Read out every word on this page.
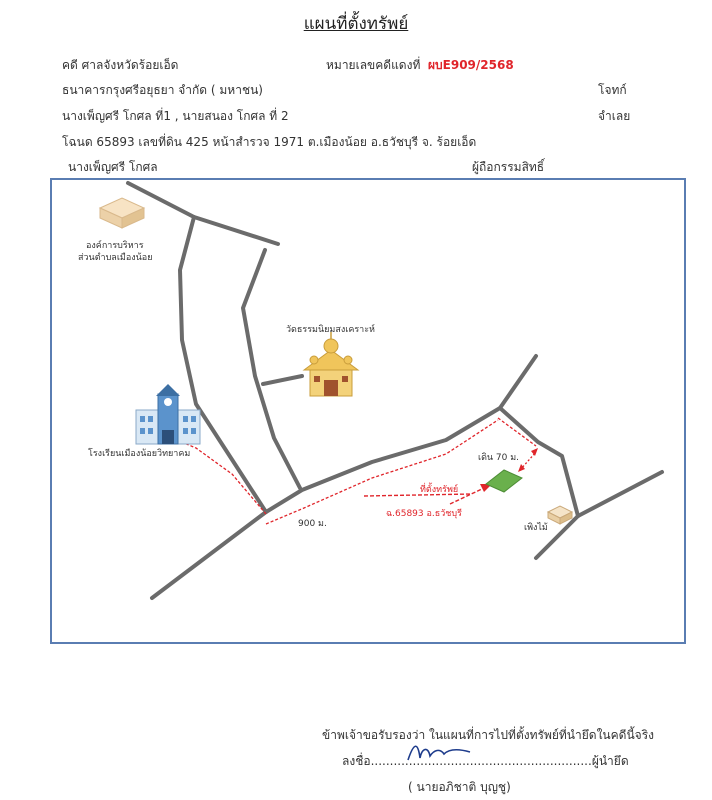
แผนที่ตั้งทรัพย์
คดี ศาลจังหวัดร้อยเอ็ด	หมายเลขคดีแดงที่ ผบE909/2568
ธนาคารกรุงศรีอยุธยา จำกัด ( มหาชน)	โจทก์
นางเพ็ญศรี โกศล ที่1 , นายสนอง โกศล ที่ 2	จำเลย
โฉนด 65893 เลขที่ดิน 425 หน้าสำรวจ 1971 ต.เมืองน้อย อ.ธวัชบุรี จ. ร้อยเอ็ด
นางเพ็ญศรี โกศล	ผู้ถือกรรมสิทธิ์
องค์การบริหาร
ส่วนตำบลเมืองน้อย
วัดธรรมนิยมสงเคราะห์
โรงเรียนเมืองน้อยวิทยาคม
900 ม.
เดิน 70 ม.
ที่ตั้งทรัพย์
ฉ.65893 อ.ธวัชบุรี
เพิงไม้
ข้าพเจ้าขอรับรองว่า ในแผนที่การไปที่ตั้งทรัพย์ที่นำยึดในคดีนี้จริง
ลงชื่อ..........................................................ผู้นำยึด
( นายอภิชาติ บุญชู)
